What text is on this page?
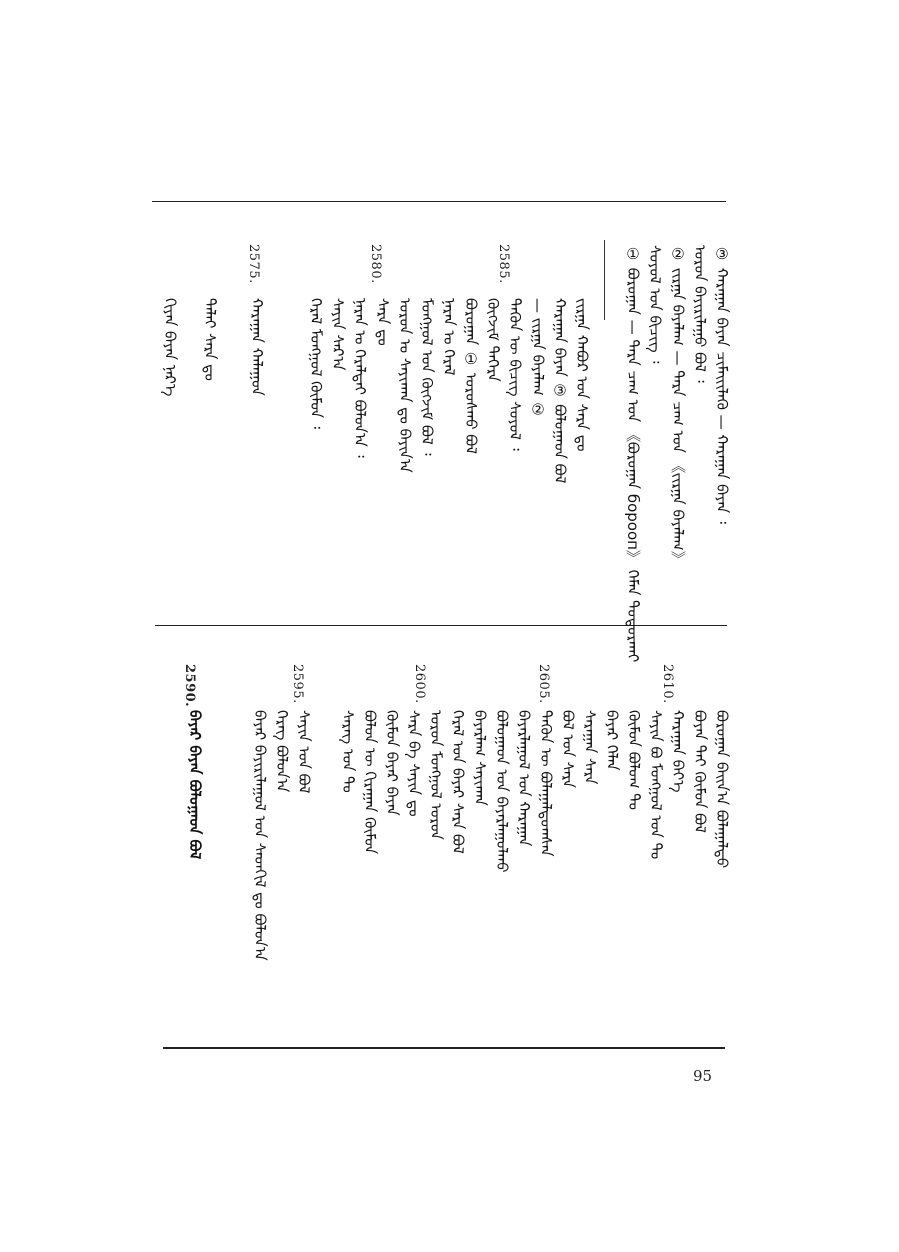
③ ᠬᠠᠷᠠᠭᠠᠨ ᠪᠠᠶᠠᠨ ᠴᠢᠮᠡᠢᠢᠯᠡᠭᠦ — ᠬᠠᠷᠠᠭᠠᠨ ᠪᠠᠶᠠᠨ ᠄
ᠣᠷᠣᠨ ᠪᠠᠶᠢᠷᠢᠯᠠᠭᠤ ᠪᠣᠯ ᠄
② ᠵᠢᠷᠭᠠ ᠪᠠᠶᠠᠯᠠᠭ — ᠲᠡᠷᠡ ᠴᠠᠭ ᠤᠨ 《ᠵᠢᠷᠭᠠ ᠪᠠᠶᠠᠯᠠᠭ》
ᠰᠣᠶᠣᠯ ᠤᠨ ᠪᠢᠴᠢᠭ ᠄
① ᠪᠣᠷᠣᠭᠠᠨ — ᠲᠡᠷᠡ ᠴᠠᠭ ᠤᠨ 《ᠪᠣᠷᠣᠭᠠᠨ борооп》 ᠬᠡᠮᠡᠨ ᠲᠣᠳᠣᠷᠬᠠᠢ
ᠵᠢᠷᠭᠠ ᠬᠠᠪᠤᠷ ᠤᠨ ᠰᠠᠷᠠ ᠳᠤ
ᠬᠠᠷᠠᠭᠠᠨ ᠪᠠᠶᠠᠨ ③ ᠪᠣᠯᠤᠭᠠᠳ ᠪᠣᠯ
— ᠵᠢᠷᠭᠠ ᠪᠠᠶᠠᠯᠠᠭ ②
ᠲᠡᠭᠦᠨ ᠦ ᠪᠢᠴᠢᠭ ᠰᠣᠶᠣᠯ ᠄
ᠬᠥᠭᠵᠢᠮ ᠳᠡᠭᠡᠷᠡ
ᠪᠣᠷᠣᠭᠠᠨ ① ᠤᠷᠤᠰᠬᠤ ᠪᠣᠯ
ᠨᠠᠷᠠᠨ ᠤ ᠭᠡᠷᠡᠯ
ᠮᠣᠩᠭᠣᠯ ᠤᠨ ᠬᠥᠭᠵᠢᠮ ᠪᠣᠯ ᠄
ᠣᠷᠣᠨ ᠤ ᠰᠠᠶᠢᠬᠠᠨ ᠳᠤ ᠪᠠᠶᠢᠨ᠎ᠠ
ᠰᠠᠷᠠ ᠳᠤ
ᠨᠠᠷᠠᠨ ᠤ ᠭᠡᠷᠡᠯᠲᠡᠢ ᠪᠣᠯᠤᠨ᠎ᠠ ᠄
ᠰᠠᠶᠢᠨ ᠰᠠᠷ᠎ᠠ
ᠭᠡᠷᠡᠯ ᠮᠣᠩᠭᠣᠯ ᠬᠦᠮᠦᠨ ᠄
ᠬᠠᠷᠠᠭᠠᠨ ᠬᠠᠯᠠᠭᠤᠨ
ᠳᠠᠯᠠᠢ ᠰᠠᠷᠠ ᠳᠤ
ᠬᠢᠶᠠᠨ ᠪᠠᠶᠠᠨ ᠨᠡᠷ᠎ᠡ
2585.
2580.
2575.
ᠪᠣᠷᠣᠭᠠᠨ ᠪᠠᠢᠨ᠎ᠠ ᠪᠤᠯᠠᠭᠠᠯᠳᠤ
ᠪᠤᠶᠠᠨ ᠲᠠᠢ ᠬᠦᠮᠦᠨ ᠪᠣᠯ
ᠬᠠᠷᠠᠭᠠᠨ ᠪᠡᠶ᠎ᠡ
ᠰᠠᠶᠢᠨ ᠪᠣ ᠮᠣᠩᠭᠣᠯ ᠤᠨ ᠲᠤ
ᠬᠦᠮᠦᠨ ᠪᠣᠯᠤᠭ ᠲᠤ
ᠪᠠᠶᠠᠷ ᠬᠡᠯᠡᠨ
ᠰᠠᠷᠠᠭᠠᠨ ᠰᠠᠷᠠ
ᠪᠣᠯ ᠤᠨ ᠰᠠᠷᠠ
ᠲᠡᠭᠦᠨ ᠦ ᠪᠤᠯᠠᠭᠠᠯᠳᠤᠭᠰᠠᠨ
ᠪᠠᠶᠠᠷᠯᠠᠭᠤᠯ ᠤᠨ ᠬᠠᠷᠠᠭᠠᠨ
ᠪᠣᠯᠤᠭᠠᠳ ᠤᠨ ᠪᠠᠶᠠᠷᠯᠠᠭᠤᠯᠬᠤ
ᠪᠠᠶᠠᠷᠯᠠᠭ ᠰᠠᠶᠢᠬᠠᠨ
ᠬᠡᠷᠡᠯ ᠤᠨ ᠪᠠᠶᠠᠷ ᠰᠠᠷᠠ ᠪᠣᠯ
ᠣᠷᠣᠨ ᠮᠣᠩᠭᠣᠯ ᠣᠷᠣᠨ
ᠰᠠᠷᠠ ᠪᠠ ᠰᠠᠶᠢᠨ ᠳᠤ
ᠬᠦᠮᠦᠨ ᠪᠠᠶᠠᠷ ᠪᠠᠶᠠᠨ
ᠪᠣᠯᠤᠨ ᠦ ᠬᠢᠷᠠᠭᠠᠨ ᠬᠦᠮᠦᠨ
ᠰᠡᠷᠡᠭ ᠤᠨ ᠲᠤ
ᠰᠠᠶᠢᠨ ᠤᠨ ᠪᠣᠯ
ᠬᠡᠷᠡᠭ ᠪᠣᠯᠤᠨ᠎ᠠ
ᠪᠠᠶᠠᠷ ᠪᠠᠶᠢᠷᠢᠯᠠᠭᠤᠯ ᠤᠨ ᠰᠡᠳᠬᠢᠯ ᠳᠤ ᠪᠣᠯᠤᠨ᠎ᠠ
ᠪᠠᠶᠠᠷ ᠪᠠᠶᠠᠨ ᠪᠣᠯᠤᠭᠠᠳ ᠪᠣᠯ
2610.
2605.
2600.
2595.
2590.
95
